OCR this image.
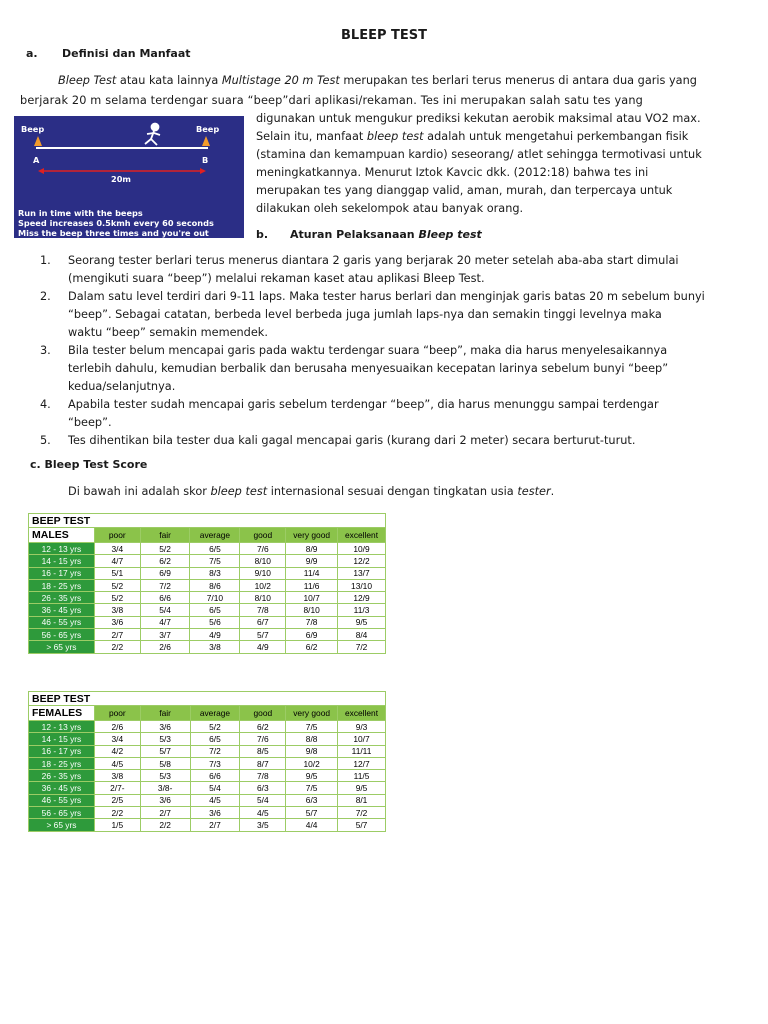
BLEEP TEST
a. Definisi dan Manfaat
Bleep Test atau kata lainnya Multistage 20 m Test merupakan tes berlari terus menerus di antara dua garis yang
berjarak 20 m selama terdengar suara “beep”dari aplikasi/rekaman. Tes ini merupakan salah satu tes yang
digunakan untuk mengukur prediksi kekutan aerobik maksimal atau VO2 max.
Selain itu, manfaat bleep test adalah untuk mengetahui perkembangan fisik
(stamina dan kemampuan kardio) seseorang/ atlet sehingga termotivasi untuk
meningkatkannya. Menurut Iztok Kavcic dkk. (2012:18) bahwa tes ini
merupakan tes yang dianggap valid, aman, murah, dan terpercaya untuk
dilakukan oleh sekelompok atau banyak orang.
Beep	Beep
A	B
20m
Run in time with the beeps
Speed increases 0.5kmh every 60 seconds
Miss the beep three times and you're out	b. Aturan Pelaksanaan Bleep test
1. Seorang tester berlari terus menerus diantara 2 garis yang berjarak 20 meter setelah aba-aba start dimulai
(mengikuti suara “beep”) melalui rekaman kaset atau aplikasi Bleep Test.
2. Dalam satu level terdiri dari 9-11 laps. Maka tester harus berlari dan menginjak garis batas 20 m sebelum bunyi
“beep”. Sebagai catatan, berbeda level berbeda juga jumlah laps-nya dan semakin tinggi levelnya maka
waktu “beep” semakin memendek.
3. Bila tester belum mencapai garis pada waktu terdengar suara “beep”, maka dia harus menyelesaikannya
terlebih dahulu, kemudian berbalik dan berusaha menyesuaikan kecepatan larinya sebelum bunyi “beep”
kedua/selanjutnya.
4. Apabila tester sudah mencapai garis sebelum terdengar “beep”, dia harus menunggu sampai terdengar
“beep”.
5. Tes dihentikan bila tester dua kali gagal mencapai garis (kurang dari 2 meter) secara berturut-turut.
c. Bleep Test Score
Di bawah ini adalah skor bleep test internasional sesuai dengan tingkatan usia tester.
BEEP TEST						
MALES	poor	fair	average	good	very good	excellent
12 - 13 yrs	3/4	5/2	6/5	7/6	8/9	10/9
14 - 15 yrs	4/7	6/2	7/5	8/10	9/9	12/2
16 - 17 yrs	5/1	6/9	8/3	9/10	11/4	13/7
18 - 25 yrs	5/2	7/2	8/6	10/2	11/6	13/10
26 - 35 yrs	5/2	6/6	7/10	8/10	10/7	12/9
36 - 45 yrs	3/8	5/4	6/5	7/8	8/10	11/3
46 - 55 yrs	3/6	4/7	5/6	6/7	7/8	9/5
56 - 65 yrs	2/7	3/7	4/9	5/7	6/9	8/4
> 65 yrs	2/2	2/6	3/8	4/9	6/2	7/2
BEEP TEST						
FEMALES	poor	fair	average	good	very good	excellent
12 - 13 yrs	2/6	3/6	5/2	6/2	7/5	9/3
14 - 15 yrs	3/4	5/3	6/5	7/6	8/8	10/7
16 - 17 yrs	4/2	5/7	7/2	8/5	9/8	11/11
18 - 25 yrs	4/5	5/8	7/3	8/7	10/2	12/7
26 - 35 yrs	3/8	5/3	6/6	7/8	9/5	11/5
36 - 45 yrs	2/7-	3/8-	5/4	6/3	7/5	9/5
46 - 55 yrs	2/5	3/6	4/5	5/4	6/3	8/1
56 - 65 yrs	2/2	2/7	3/6	4/5	5/7	7/2
> 65 yrs	1/5	2/2	2/7	3/5	4/4	5/7
